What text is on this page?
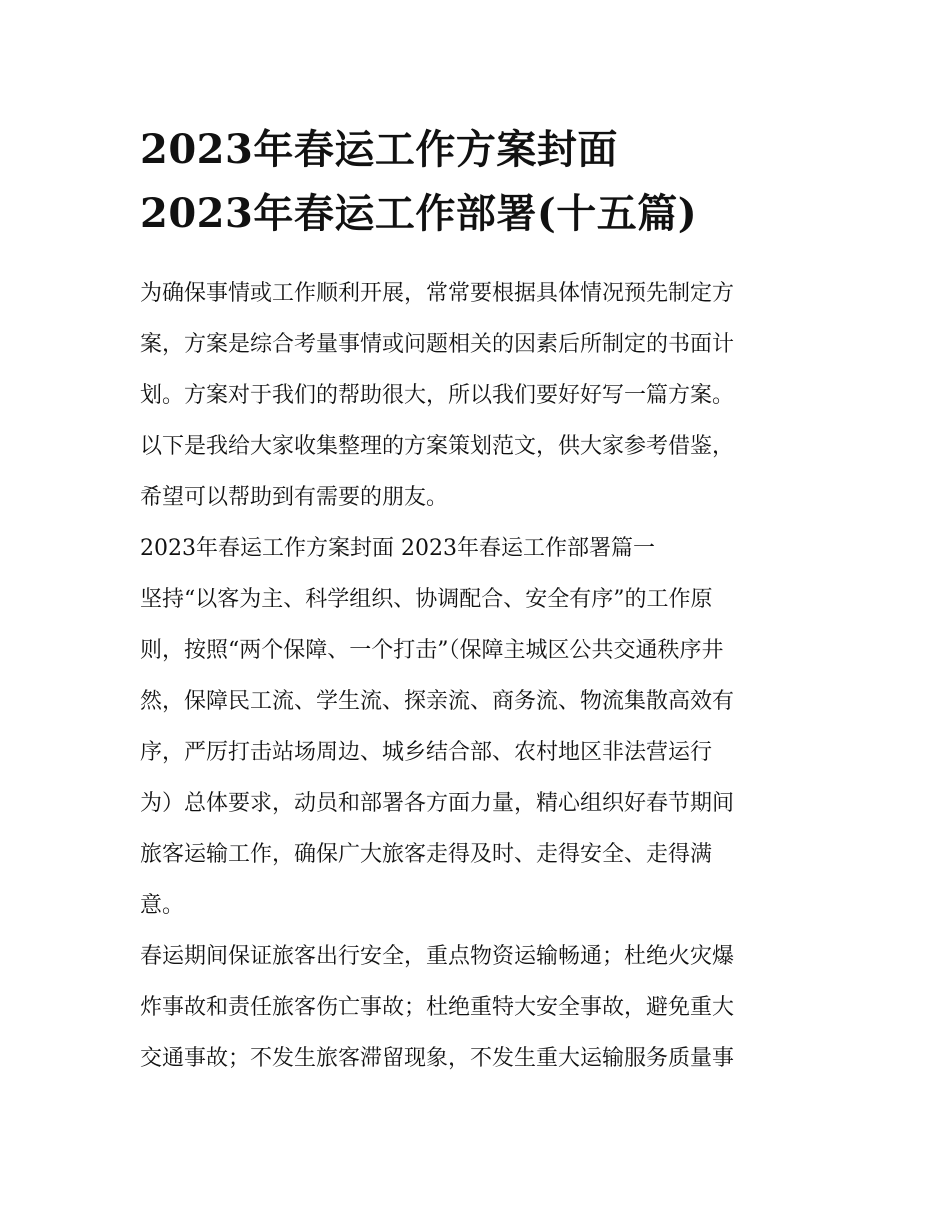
2023年春运工作方案封面
2023年春运工作部署(十五篇)

为确保事情或工作顺利开展，常常要根据具体情况预先制定方

案，方案是综合考量事情或问题相关的因素后所制定的书面计

划。方案对于我们的帮助很大，所以我们要好好写一篇方案。

以下是我给大家收集整理的方案策划范文，供大家参考借鉴，

希望可以帮助到有需要的朋友。

2023年春运工作方案封面 2023年春运工作部署篇一

坚持“以客为主、科学组织、协调配合、安全有序”的工作原

则，按照“两个保障、一个打击”（保障主城区公共交通秩序井

然，保障民工流、学生流、探亲流、商务流、物流集散高效有

序，严厉打击站场周边、城乡结合部、农村地区非法营运行

为）总体要求，动员和部署各方面力量，精心组织好春节期间

旅客运输工作，确保广大旅客走得及时、走得安全、走得满

意。

春运期间保证旅客出行安全，重点物资运输畅通；杜绝火灾爆

炸事故和责任旅客伤亡事故；杜绝重特大安全事故，避免重大

交通事故；不发生旅客滞留现象，不发生重大运输服务质量事
